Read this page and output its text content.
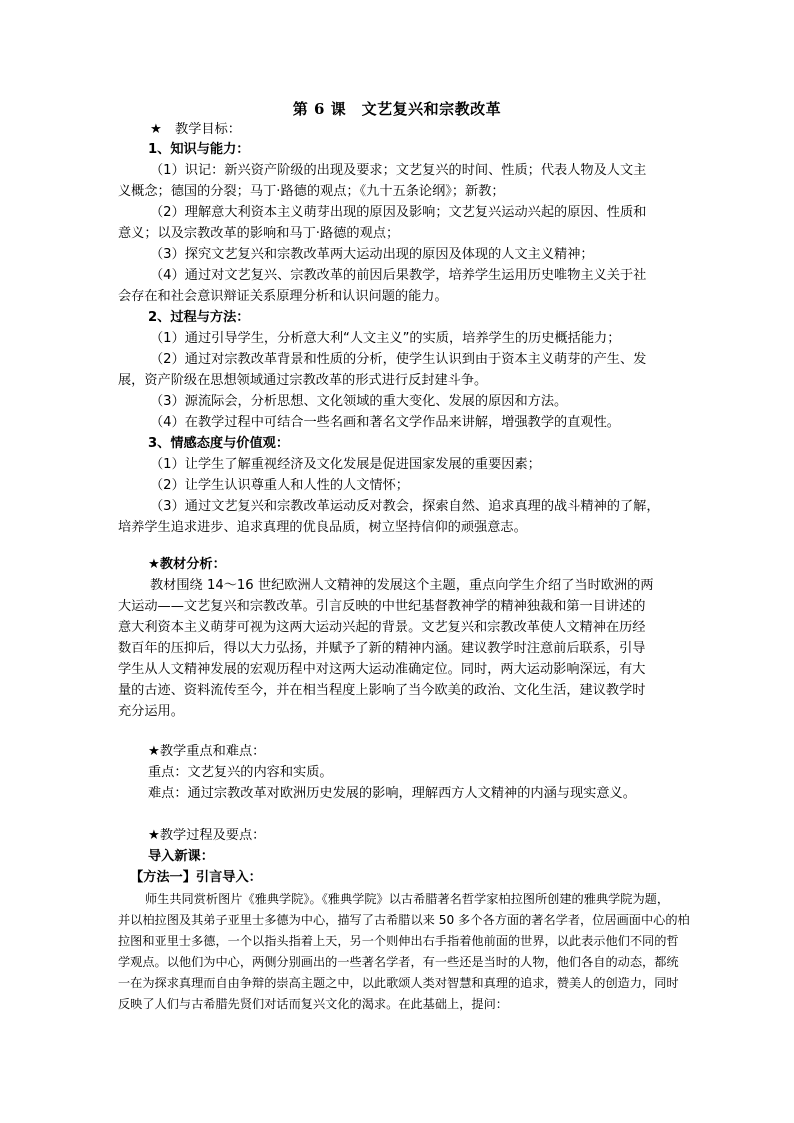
第 6 课　文艺复兴和宗教改革
★　教学目标：
1、知识与能力：
（1）识记：新兴资产阶级的出现及要求；文艺复兴的时间、性质；代表人物及人文主
义概念；德国的分裂；马丁·路德的观点；《九十五条论纲》；新教；
（2）理解意大利资本主义萌芽出现的原因及影响；文艺复兴运动兴起的原因、性质和
意义；以及宗教改革的影响和马丁·路德的观点；
（3）探究文艺复兴和宗教改革两大运动出现的原因及体现的人文主义精神；
（4）通过对文艺复兴、宗教改革的前因后果教学，培养学生运用历史唯物主义关于社
会存在和社会意识辩证关系原理分析和认识问题的能力。
2、过程与方法：
（1）通过引导学生，分析意大利“人文主义”的实质，培养学生的历史概括能力；
（2）通过对宗教改革背景和性质的分析，使学生认识到由于资本主义萌芽的产生、发
展，资产阶级在思想领域通过宗教改革的形式进行反封建斗争。
（3）源流际会，分析思想、文化领域的重大变化、发展的原因和方法。
（4）在教学过程中可结合一些名画和著名文学作品来讲解，增强教学的直观性。
3、情感态度与价值观：
（1）让学生了解重视经济及文化发展是促进国家发展的重要因素；
（2）让学生认识尊重人和人性的人文情怀；
（3）通过文艺复兴和宗教改革运动反对教会，探索自然、追求真理的战斗精神的了解，
培养学生追求进步、追求真理的优良品质，树立坚持信仰的顽强意志。
★教材分析：
教材围绕 14～16 世纪欧洲人文精神的发展这个主题，重点向学生介绍了当时欧洲的两
大运动——文艺复兴和宗教改革。引言反映的中世纪基督教神学的精神独裁和第一目讲述的
意大利资本主义萌芽可视为这两大运动兴起的背景。文艺复兴和宗教改革使人文精神在历经
数百年的压抑后，得以大力弘扬，并赋予了新的精神内涵。建议教学时注意前后联系，引导
学生从人文精神发展的宏观历程中对这两大运动准确定位。同时，两大运动影响深远，有大
量的古迹、资料流传至今，并在相当程度上影响了当今欧美的政治、文化生活，建议教学时
充分运用。
★教学重点和难点：
重点：文艺复兴的内容和实质。
难点：通过宗教改革对欧洲历史发展的影响，理解西方人文精神的内涵与现实意义。
★教学过程及要点：
导入新课：
【方法一】引言导入：
师生共同赏析图片《雅典学院》。《雅典学院》以古希腊著名哲学家柏拉图所创建的雅典学院为题，
并以柏拉图及其弟子亚里士多德为中心，描写了古希腊以来 50 多个各方面的著名学者，位居画面中心的柏
拉图和亚里士多德，一个以指头指着上天，另一个则伸出右手指着他前面的世界，以此表示他们不同的哲
学观点。以他们为中心，两侧分别画出的一些著名学者，有一些还是当时的人物，他们各自的动态，都统
一在为探求真理而自由争辩的崇高主题之中，以此歌颂人类对智慧和真理的追求，赞美人的创造力，同时
反映了人们与古希腊先贤们对话而复兴文化的渴求。在此基础上，提问：
